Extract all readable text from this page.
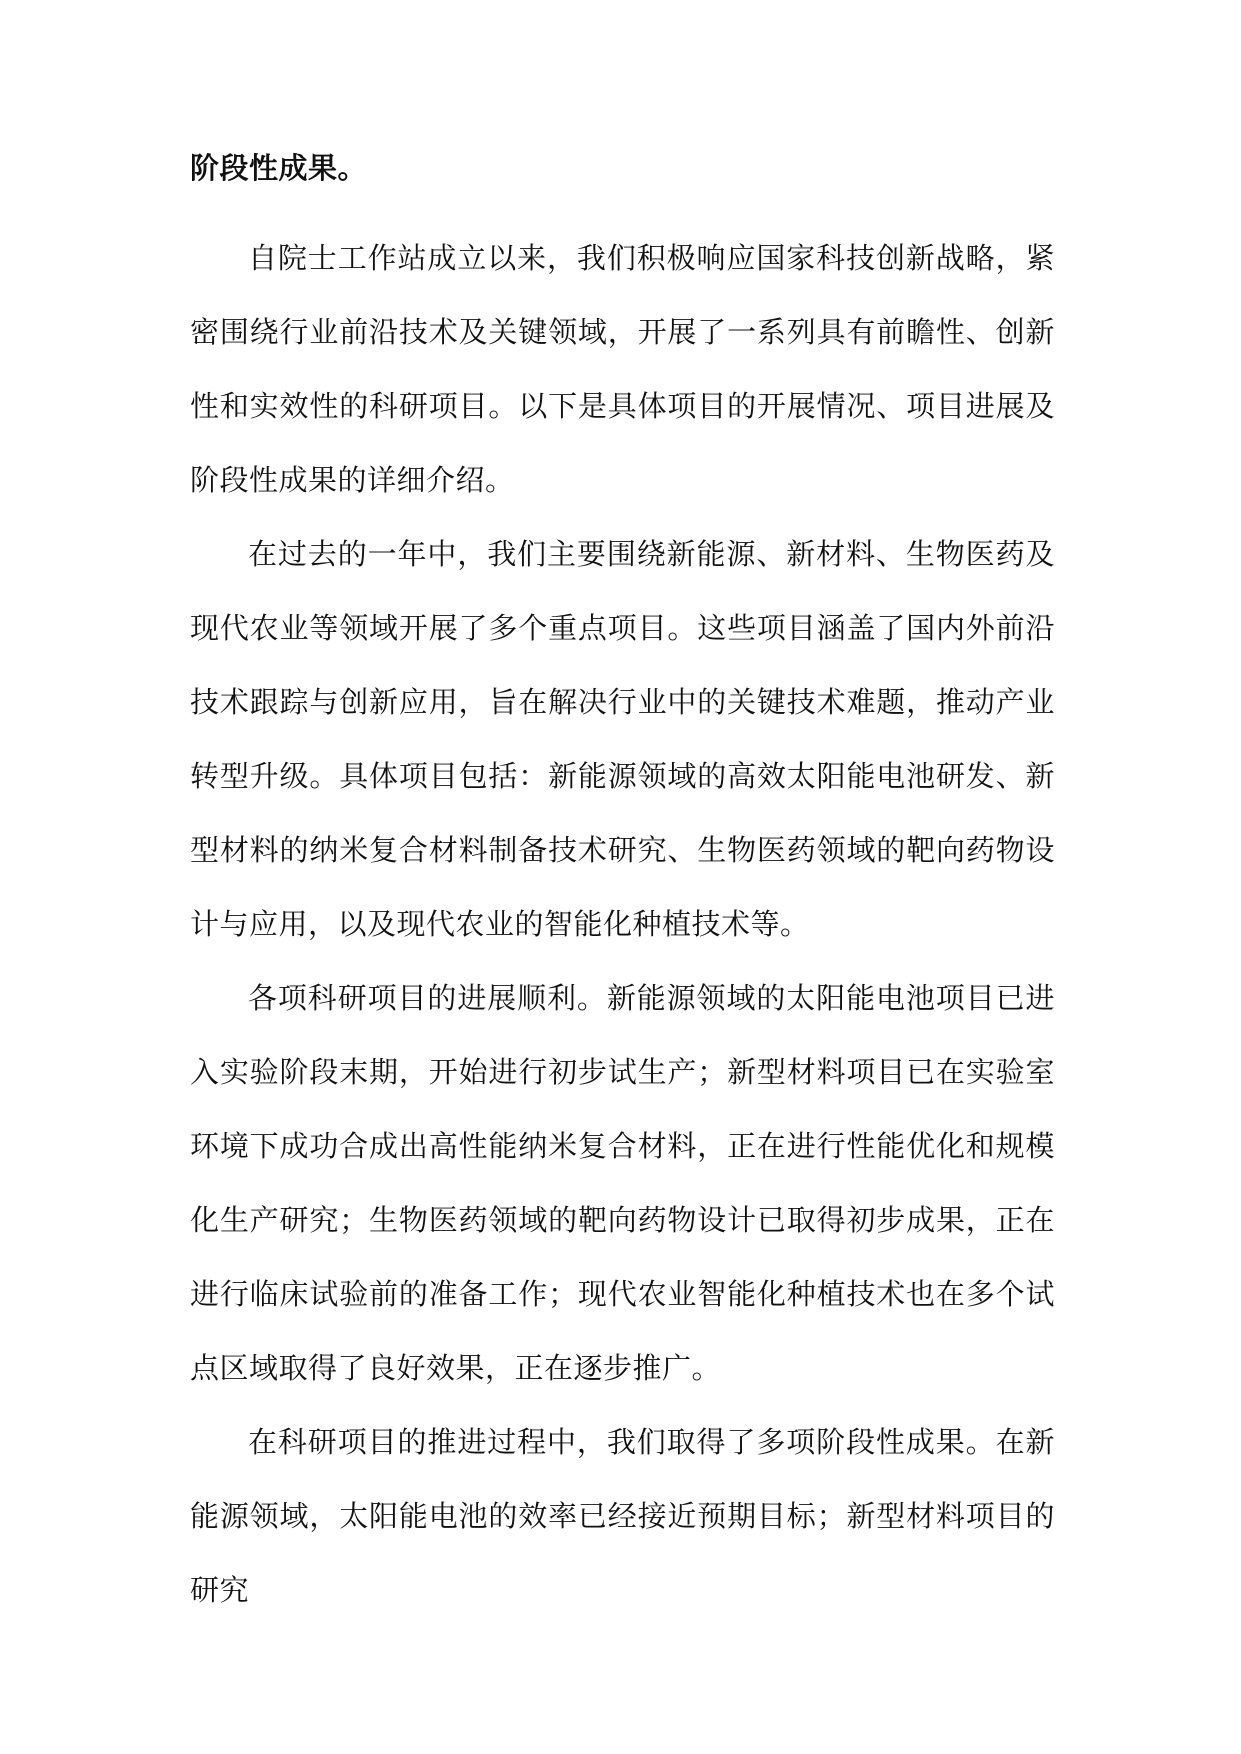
阶段性成果。

自院士工作站成立以来，我们积极响应国家科技创新战略，紧密围绕行业前沿技术及关键领域，开展了一系列具有前瞻性、创新性和实效性的科研项目。以下是具体项目的开展情况、项目进展及阶段性成果的详细介绍。

在过去的一年中，我们主要围绕新能源、新材料、生物医药及现代农业等领域开展了多个重点项目。这些项目涵盖了国内外前沿技术跟踪与创新应用，旨在解决行业中的关键技术难题，推动产业转型升级。具体项目包括：新能源领域的高效太阳能电池研发、新型材料的纳米复合材料制备技术研究、生物医药领域的靶向药物设计与应用，以及现代农业的智能化种植技术等。

各项科研项目的进展顺利。新能源领域的太阳能电池项目已进入实验阶段末期，开始进行初步试生产；新型材料项目已在实验室环境下成功合成出高性能纳米复合材料，正在进行性能优化和规模化生产研究；生物医药领域的靶向药物设计已取得初步成果，正在进行临床试验前的准备工作；现代农业智能化种植技术也在多个试点区域取得了良好效果，正在逐步推广。

在科研项目的推进过程中，我们取得了多项阶段性成果。在新能源领域，太阳能电池的效率已经接近预期目标；新型材料项目的研究
